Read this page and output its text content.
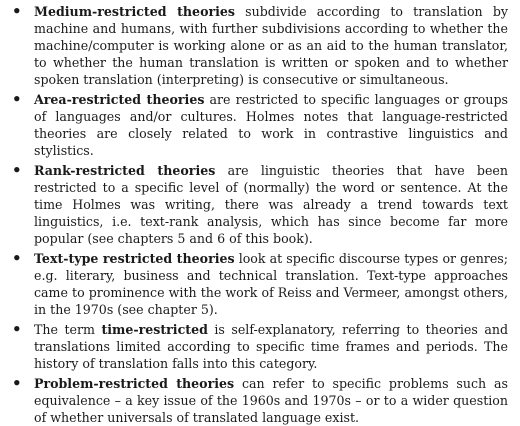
• Medium-restricted theories subdivide according to translation by machine and humans, with further subdivisions according to whether the machine/computer is working alone or as an aid to the human translator, to whether the human translation is written or spoken and to whether spoken translation (interpreting) is consecutive or simultaneous.
• Area-restricted theories are restricted to specific languages or groups of languages and/or cultures. Holmes notes that language-restricted theories are closely related to work in contrastive linguistics and stylistics.
• Rank-restricted theories are linguistic theories that have been restricted to a specific level of (normally) the word or sentence. At the time Holmes was writing, there was already a trend towards text linguistics, i.e. text-rank analysis, which has since become far more popular (see chapters 5 and 6 of this book).
• Text-type restricted theories look at specific discourse types or genres; e.g. literary, business and technical translation. Text-type approaches came to prominence with the work of Reiss and Vermeer, amongst others, in the 1970s (see chapter 5).
• The term time-restricted is self-explanatory, referring to theories and translations limited according to specific time frames and periods. The history of translation falls into this category.
• Problem-restricted theories can refer to specific problems such as equivalence – a key issue of the 1960s and 1970s – or to a wider question of whether universals of translated language exist.
